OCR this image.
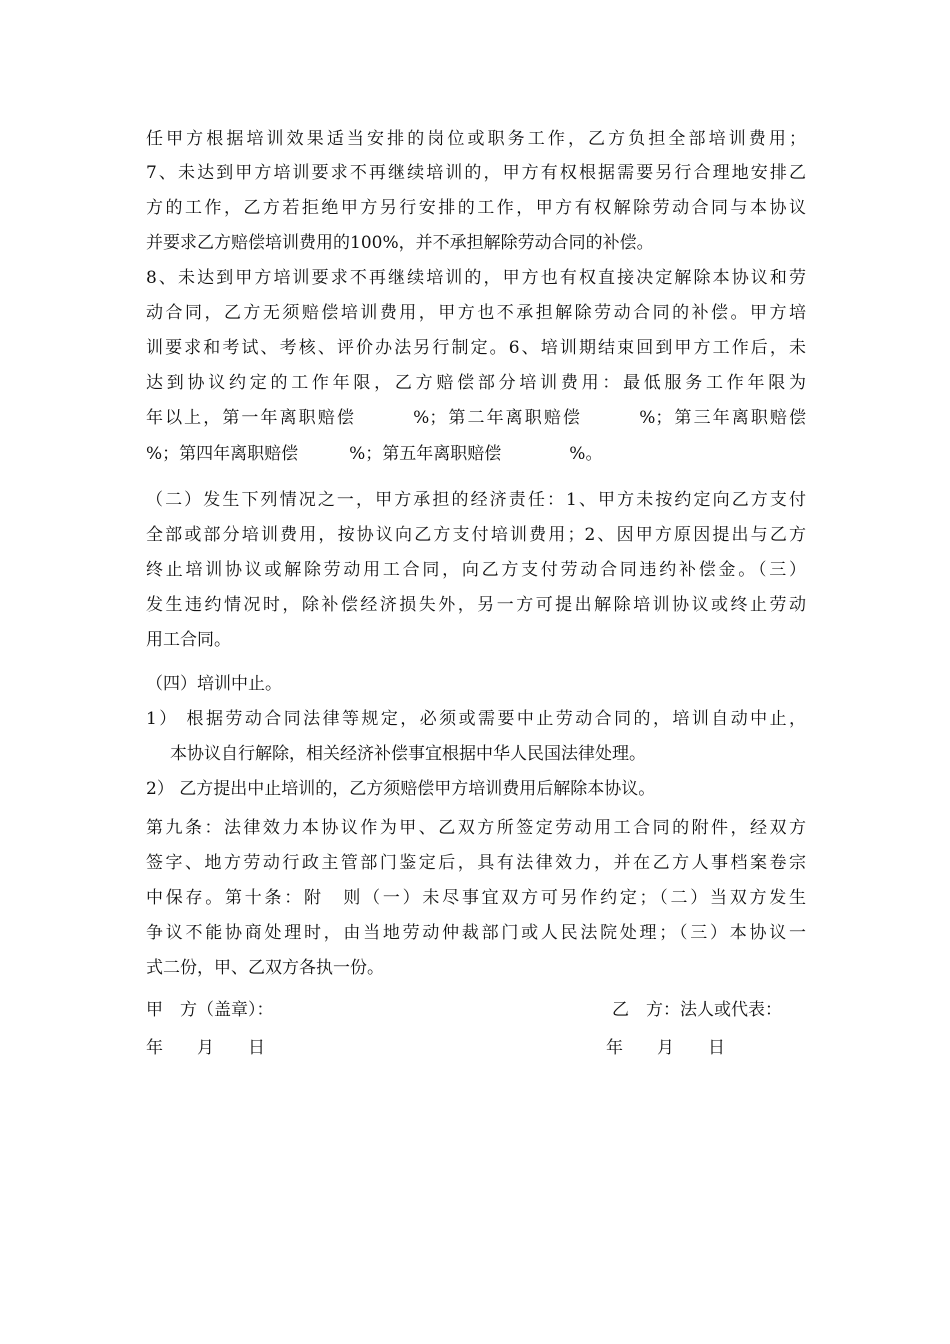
任甲方根据培训效果适当安排的岗位或职务工作，乙方负担全部培训费用；
7、未达到甲方培训要求不再继续培训的，甲方有权根据需要另行合理地安排乙
方的工作，乙方若拒绝甲方另行安排的工作，甲方有权解除劳动合同与本协议
并要求乙方赔偿培训费用的100%，并不承担解除劳动合同的补偿。
8、未达到甲方培训要求不再继续培训的，甲方也有权直接决定解除本协议和劳
动合同，乙方无须赔偿培训费用，甲方也不承担解除劳动合同的补偿。甲方培
训要求和考试、考核、评价办法另行制定。6、培训期结束回到甲方工作后，未
达到协议约定的工作年限，乙方赔偿部分培训费用：最低服务工作年限为
年以上，第一年离职赔偿　　　%；第二年离职赔偿　　　%；第三年离职赔偿
%；第四年离职赔偿　　　%；第五年离职赔偿　　　　%。
（二）发生下列情况之一，甲方承担的经济责任：1、甲方未按约定向乙方支付
全部或部分培训费用，按协议向乙方支付培训费用；2、因甲方原因提出与乙方
终止培训协议或解除劳动用工合同，向乙方支付劳动合同违约补偿金。（三）
发生违约情况时，除补偿经济损失外，另一方可提出解除培训协议或终止劳动
用工合同。
（四）培训中止。
1） 根据劳动合同法律等规定，必须或需要中止劳动合同的，培训自动中止，
本协议自行解除，相关经济补偿事宜根据中华人民国法律处理。
2） 乙方提出中止培训的，乙方须赔偿甲方培训费用后解除本协议。
第九条：法律效力本协议作为甲、乙双方所签定劳动用工合同的附件，经双方
签字、地方劳动行政主管部门鉴定后，具有法律效力，并在乙方人事档案卷宗
中保存。第十条：附　则（一）未尽事宜双方可另作约定；（二）当双方发生
争议不能协商处理时，由当地劳动仲裁部门或人民法院处理；（三）本协议一
式二份，甲、乙双方各执一份。
甲　方（盖章）：	乙　方：法人或代表：
年　　月　　日	年　　月　　日
